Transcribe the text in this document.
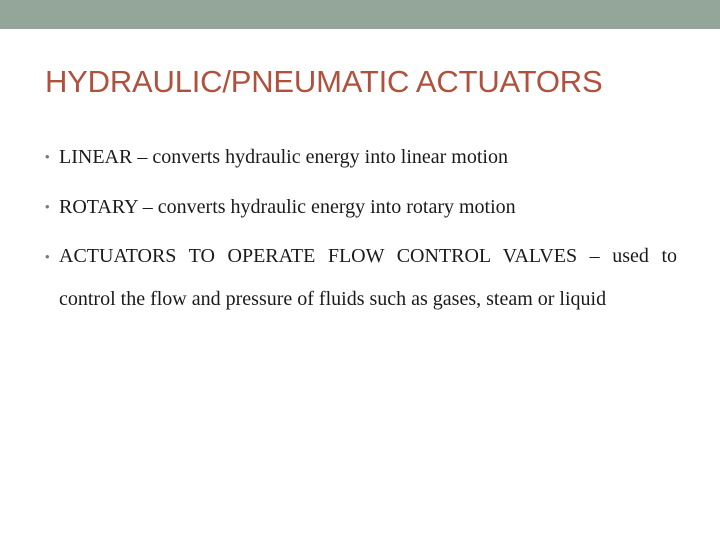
HYDRAULIC/PNEUMATIC ACTUATORS
• LINEAR – converts hydraulic energy into linear motion
• ROTARY – converts hydraulic energy into rotary motion
• ACTUATORS TO OPERATE FLOW CONTROL VALVES – used to control the flow and pressure of fluids such as gases, steam or liquid
